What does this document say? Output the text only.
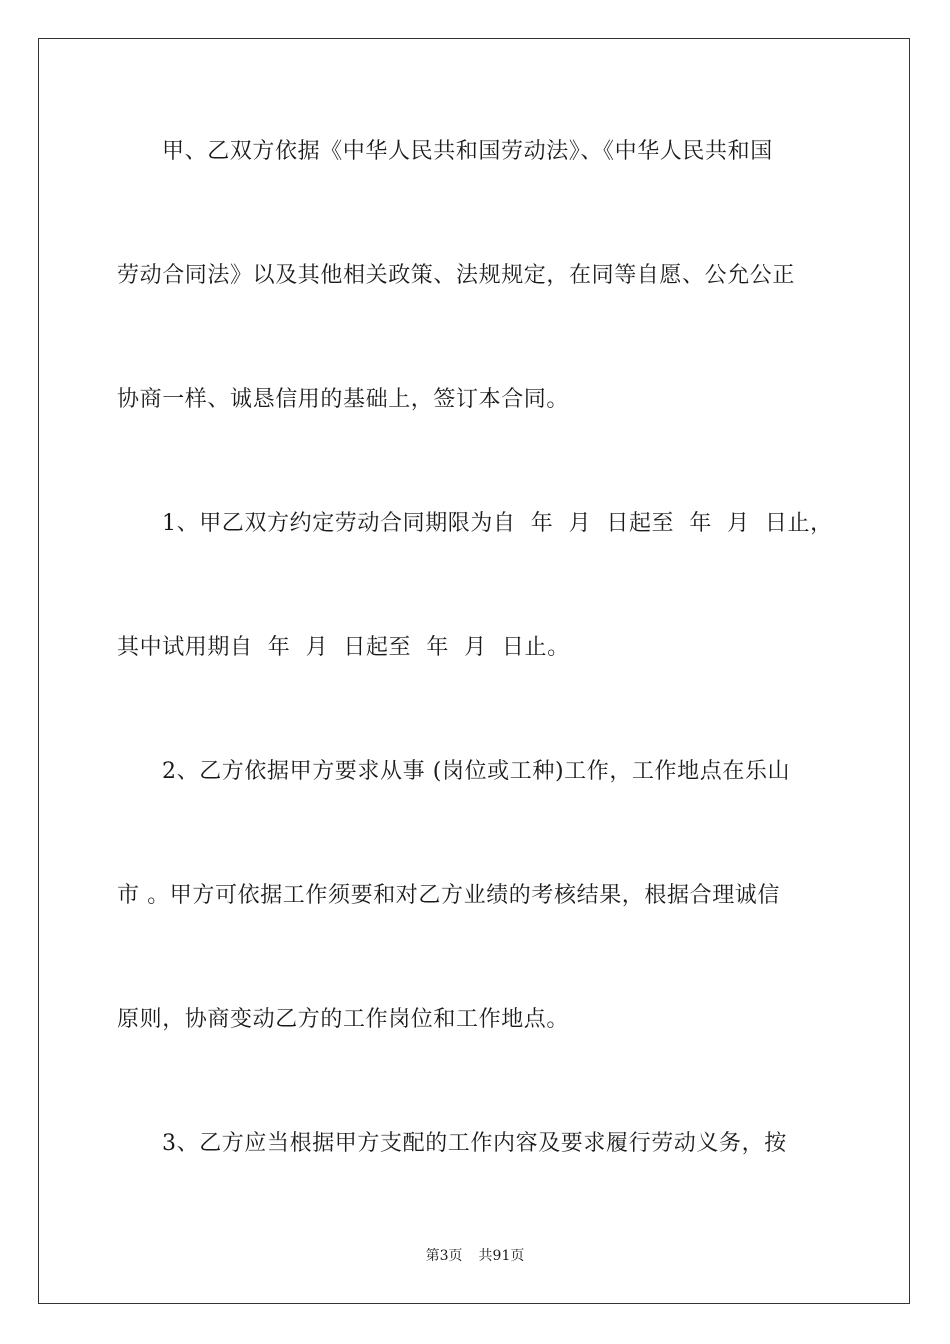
甲、乙双方依据《中华人民共和国劳动法》、《中华人民共和国

劳动合同法》以及其他相关政策、法规规定，在同等自愿、公允公正

协商一样、诚恳信用的基础上，签订本合同。

1、甲乙双方约定劳动合同期限为自  年  月  日起至  年  月  日止，

其中试用期自  年  月  日起至  年  月  日止。

2、乙方依据甲方要求从事 (岗位或工种)工作，工作地点在乐山

市 。甲方可依据工作须要和对乙方业绩的考核结果，根据合理诚信

原则，协商变动乙方的工作岗位和工作地点。

3、乙方应当根据甲方支配的工作内容及要求履行劳动义务，按

第3页 共91页
